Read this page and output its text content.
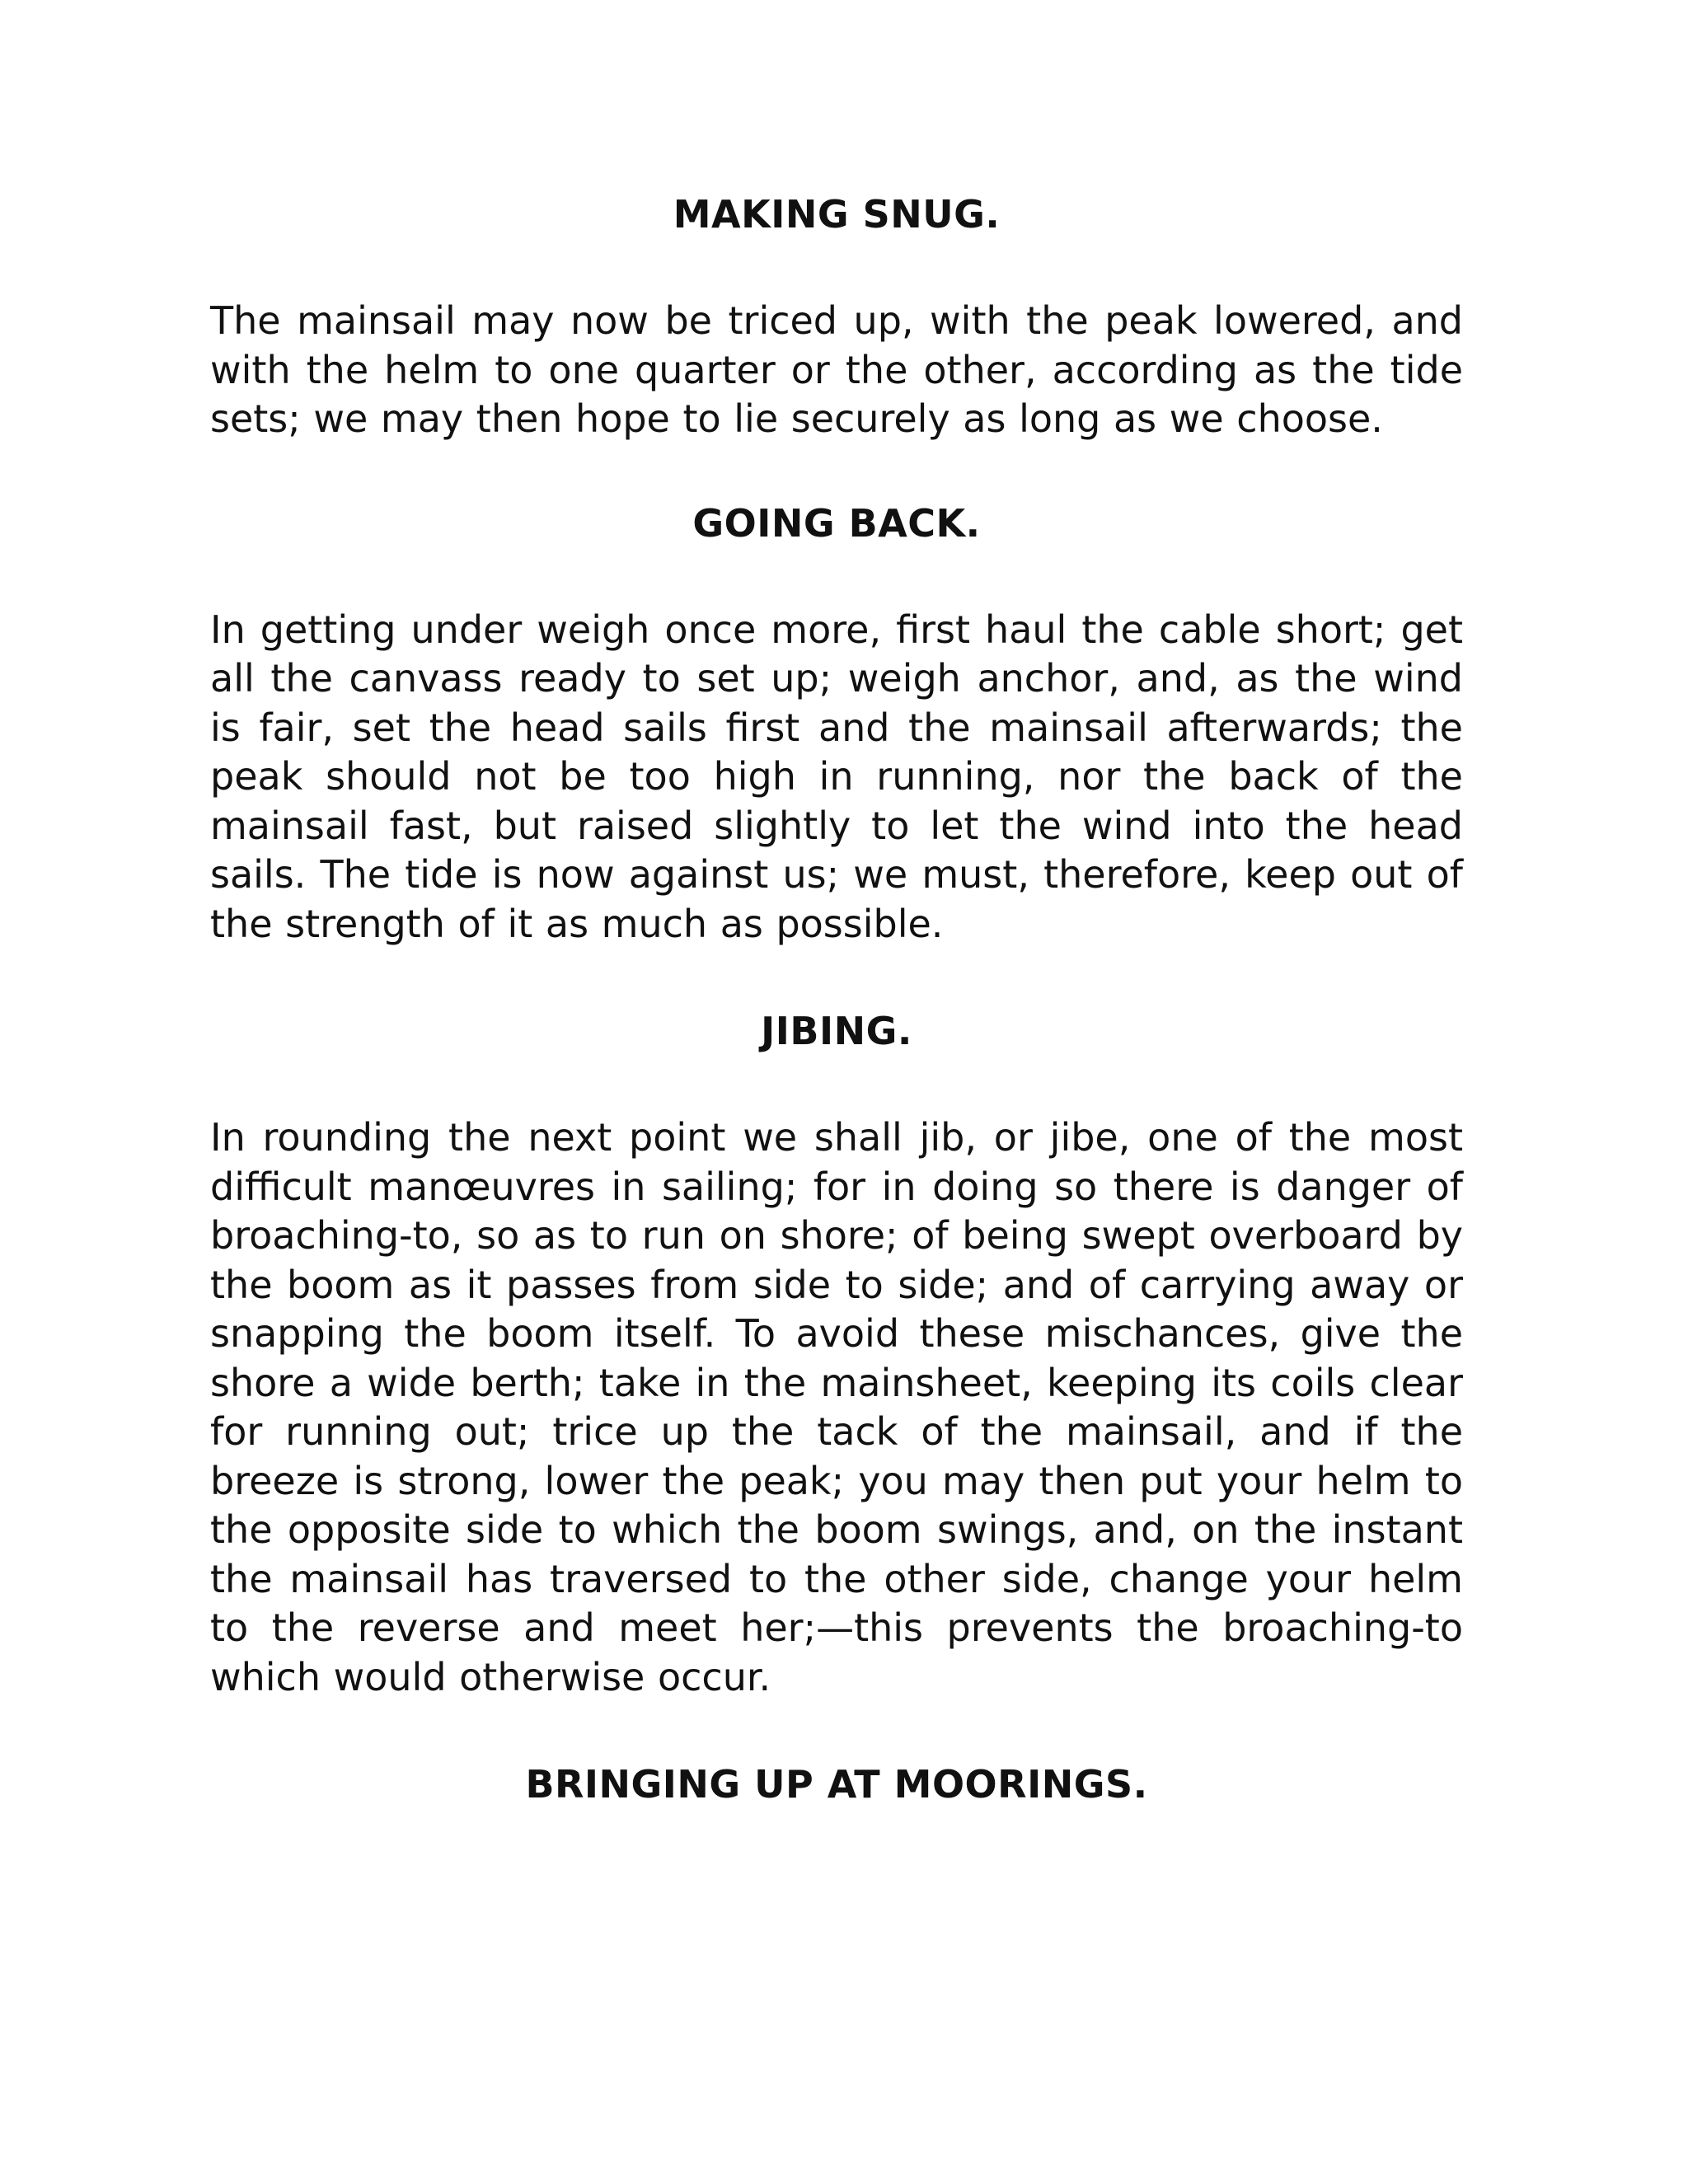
MAKING SNUG.

The mainsail may now be triced up, with the peak lowered, and with the helm to one quarter or the other, according as the tide sets; we may then hope to lie securely as long as we choose.

GOING BACK.

In getting under weigh once more, first haul the cable short; get all the canvass ready to set up; weigh anchor, and, as the wind is fair, set the head sails first and the mainsail afterwards; the peak should not be too high in running, nor the back of the mainsail fast, but raised slightly to let the wind into the head sails. The tide is now against us; we must, therefore, keep out of the strength of it as much as possible.

JIBING.

In rounding the next point we shall jib, or jibe, one of the most difficult manœuvres in sailing; for in doing so there is danger of broaching-to, so as to run on shore; of being swept overboard by the boom as it passes from side to side; and of carrying away or snapping the boom itself. To avoid these mischances, give the shore a wide berth; take in the mainsheet, keeping its coils clear for running out; trice up the tack of the mainsail, and if the breeze is strong, lower the peak; you may then put your helm to the opposite side to which the boom swings, and, on the instant the mainsail has traversed to the other side, change your helm to the reverse and meet her;—this prevents the broaching-to which would otherwise occur.

BRINGING UP AT MOORINGS.
